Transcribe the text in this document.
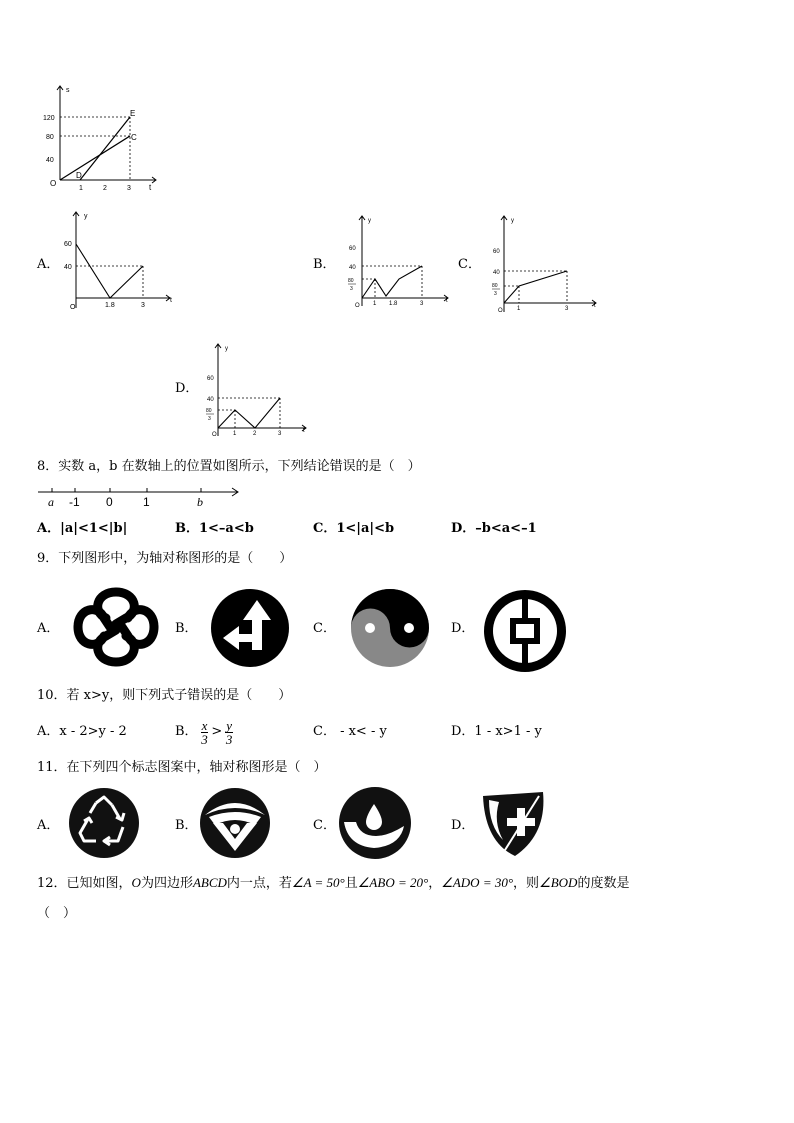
s
t
O
120
80
40
1	2	3
E
C
D
A．
y
t
O
60
40
1.8	3
B．
y
t
O
60
40
80
3
1 1.8	3
C．
y
t
O
60
40
80
3
1	3
D．
y
t
O
60
40
80
3
1	2	3
8．实数 a，b 在数轴上的位置如图所示，下列结论错误的是（　）
a -1 0	1	b
A．|a|<1<|b|	B．1<–a<b	C．1<|a|<b	D．–b<a<–1
9．下列图形中，为轴对称图形的是（　　）
A．	B．	C．	D．
10．若 x>y，则下列式子错误的是（　　）
A．x - 2>y - 2	B． $\frac{x}{3} > \frac{y}{3}$	C． - x< - y	D．1 - x>1 - y
11．在下列四个标志图案中，轴对称图形是（　）
A．	B．	C．	D．
12．已知如图，O为四边形ABCD内一点，若∠A = 50°且∠ABO = 20°，∠ADO = 30°，则∠BOD的度数是
（　）
